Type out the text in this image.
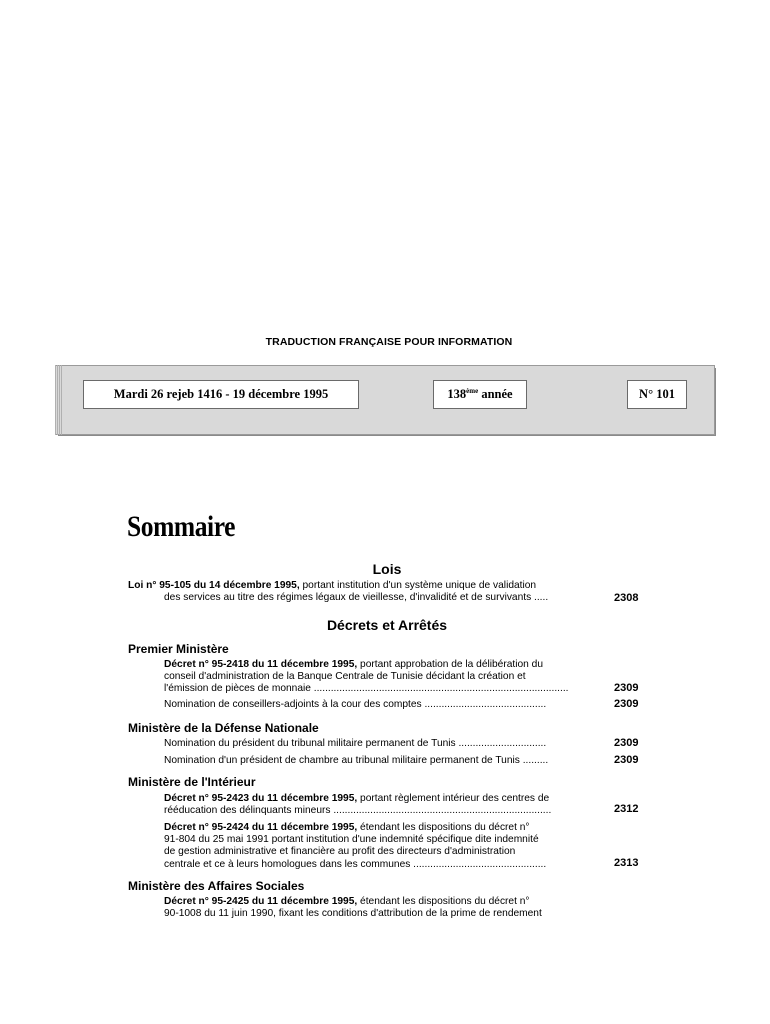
TRADUCTION FRANÇAISE POUR INFORMATION
Mardi 26 rejeb 1416 - 19 décembre 1995	138ème année	N° 101
Sommaire
Lois
Loi n° 95-105 du 14 décembre 1995, portant institution d'un système unique de validation
des services au titre des régimes légaux de vieillesse, d'invalidité et de survivants .....	2308
Décrets et Arrêtés
Premier Ministère
Décret n° 95-2418 du 11 décembre 1995, portant approbation de la délibération du
conseil d'administration de la Banque Centrale de Tunisie décidant la création et
l'émission de pièces de monnaie ..........................................................................................	2309
Nomination de conseillers-adjoints à la cour des comptes ...........................................	2309
Ministère de la Défense Nationale
Nomination du président du tribunal militaire permanent de Tunis ...............................	2309
Nomination d'un président de chambre au tribunal militaire permanent de Tunis .........	2309
Ministère de l'Intérieur
Décret n° 95-2423 du 11 décembre 1995, portant règlement intérieur des centres de
rééducation des délinquants mineurs .............................................................................	2312
Décret n° 95-2424 du 11 décembre 1995, étendant les dispositions du décret n°
91-804 du 25 mai 1991 portant institution d'une indemnité spécifique dite indemnité
de gestion administrative et financière au profit des directeurs d'administration
centrale et ce à leurs homologues dans les communes ...............................................	2313
Ministère des Affaires Sociales
Décret n° 95-2425 du 11 décembre 1995, étendant les dispositions du décret n°
90-1008 du 11 juin 1990, fixant les conditions d'attribution de la prime de rendement
